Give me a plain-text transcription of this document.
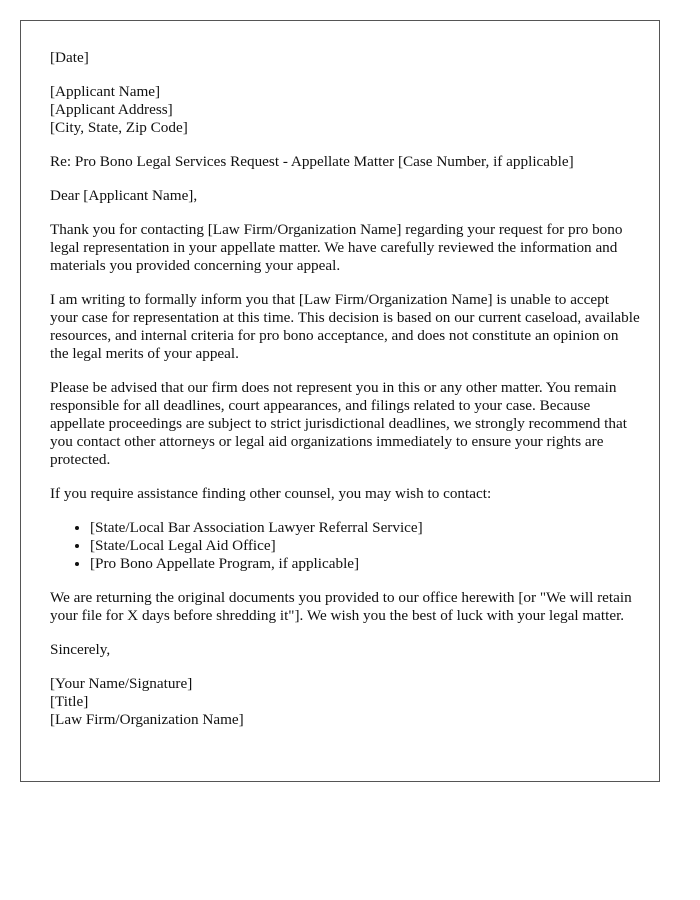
[Date]
[Applicant Name]
[Applicant Address]
[City, State, Zip Code]

Re: Pro Bono Legal Services Request - Appellate Matter [Case Number, if applicable]

Dear [Applicant Name],

Thank you for contacting [Law Firm/Organization Name] regarding your request for pro bono legal representation in your appellate matter. We have carefully reviewed the information and materials you provided concerning your appeal.

I am writing to formally inform you that [Law Firm/Organization Name] is unable to accept your case for representation at this time. This decision is based on our current caseload, available resources, and internal criteria for pro bono acceptance, and does not constitute an opinion on the legal merits of your appeal.

Please be advised that our firm does not represent you in this or any other matter. You remain responsible for all deadlines, court appearances, and filings related to your case. Because appellate proceedings are subject to strict jurisdictional deadlines, we strongly recommend that you contact other attorneys or legal aid organizations immediately to ensure your rights are protected.

If you require assistance finding other counsel, you may wish to contact:

• [State/Local Bar Association Lawyer Referral Service]
• [State/Local Legal Aid Office]
• [Pro Bono Appellate Program, if applicable]

We are returning the original documents you provided to our office herewith [or "We will retain your file for X days before shredding it"]. We wish you the best of luck with your legal matter.

Sincerely,

[Your Name/Signature]
[Title]
[Law Firm/Organization Name]
